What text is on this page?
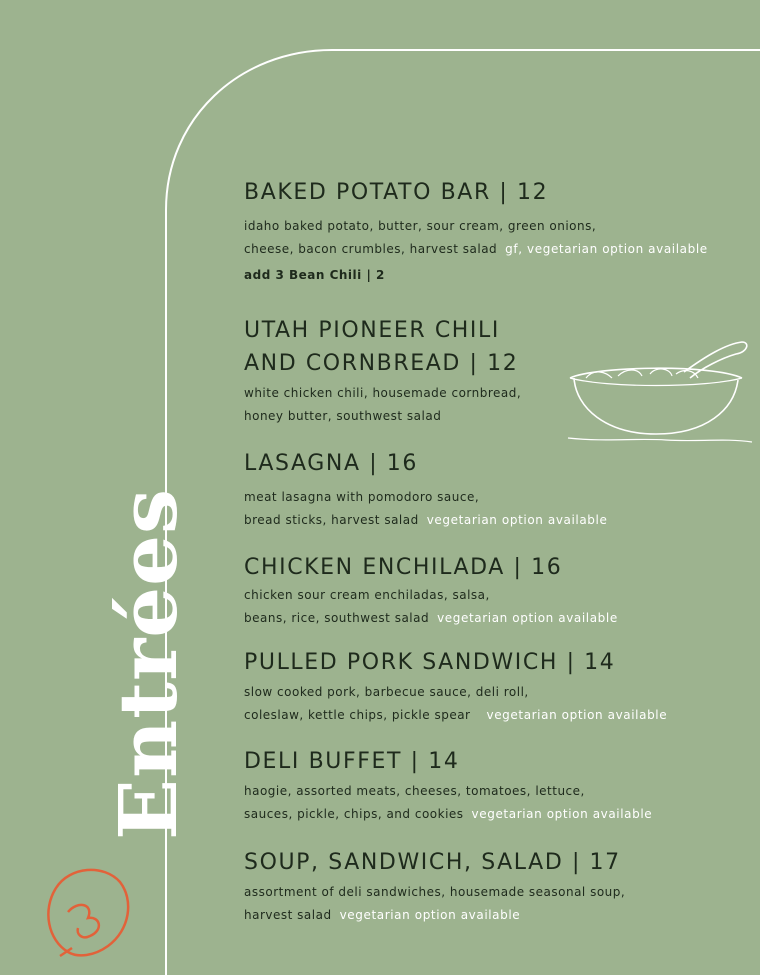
Entrées
BAKED POTATO BAR | 12

idaho baked potato, butter, sour cream, green onions,
cheese, bacon crumbles, harvest salad gf, vegetarian option available

add 3 Bean Chili | 2
UTAH PIONEER CHILI
AND CORNBREAD | 12

white chicken chili, housemade cornbread,
honey butter, southwest salad

LASAGNA | 16

meat lasagna with pomodoro sauce,
bread sticks, harvest salad vegetarian option available

CHICKEN ENCHILADA | 16

chicken sour cream enchiladas, salsa,
beans, rice, southwest salad vegetarian option available

PULLED PORK SANDWICH | 14

slow cooked pork, barbecue sauce, deli roll,
coleslaw, kettle chips, pickle spear vegetarian option available

DELI BUFFET | 14

haogie, assorted meats, cheeses, tomatoes, lettuce,
sauces, pickle, chips, and cookies vegetarian option available

SOUP, SANDWICH, SALAD | 17

assortment of deli sandwiches, housemade seasonal soup,
harvest salad vegetarian option available
